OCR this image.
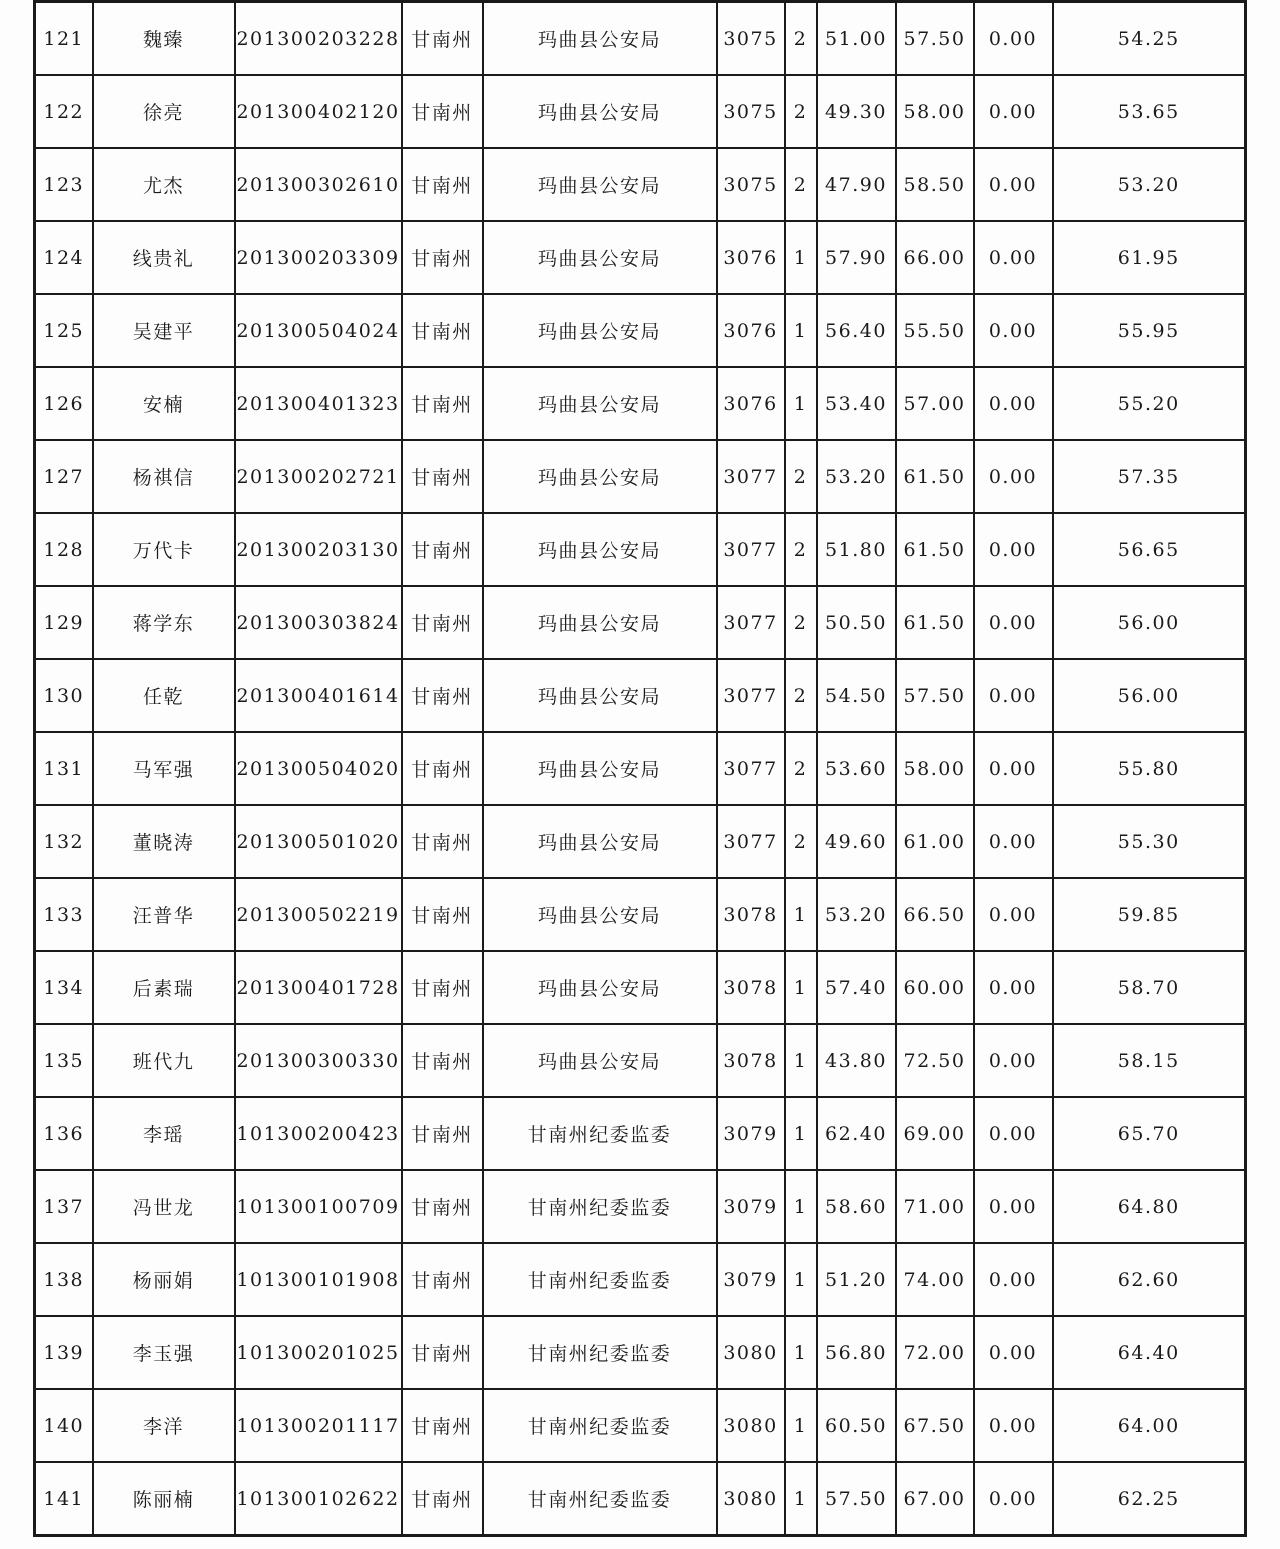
121	魏臻	201300203228	甘南州	玛曲县公安局	3075	2	51.00	57.50	0.00	54.25
122	徐亮	201300402120	甘南州	玛曲县公安局	3075	2	49.30	58.00	0.00	53.65
123	尤杰	201300302610	甘南州	玛曲县公安局	3075	2	47.90	58.50	0.00	53.20
124	线贵礼	201300203309	甘南州	玛曲县公安局	3076	1	57.90	66.00	0.00	61.95
125	吴建平	201300504024	甘南州	玛曲县公安局	3076	1	56.40	55.50	0.00	55.95
126	安楠	201300401323	甘南州	玛曲县公安局	3076	1	53.40	57.00	0.00	55.20
127	杨祺信	201300202721	甘南州	玛曲县公安局	3077	2	53.20	61.50	0.00	57.35
128	万代卡	201300203130	甘南州	玛曲县公安局	3077	2	51.80	61.50	0.00	56.65
129	蒋学东	201300303824	甘南州	玛曲县公安局	3077	2	50.50	61.50	0.00	56.00
130	任乾	201300401614	甘南州	玛曲县公安局	3077	2	54.50	57.50	0.00	56.00
131	马军强	201300504020	甘南州	玛曲县公安局	3077	2	53.60	58.00	0.00	55.80
132	董晓涛	201300501020	甘南州	玛曲县公安局	3077	2	49.60	61.00	0.00	55.30
133	汪普华	201300502219	甘南州	玛曲县公安局	3078	1	53.20	66.50	0.00	59.85
134	后素瑞	201300401728	甘南州	玛曲县公安局	3078	1	57.40	60.00	0.00	58.70
135	班代九	201300300330	甘南州	玛曲县公安局	3078	1	43.80	72.50	0.00	58.15
136	李瑶	101300200423	甘南州	甘南州纪委监委	3079	1	62.40	69.00	0.00	65.70
137	冯世龙	101300100709	甘南州	甘南州纪委监委	3079	1	58.60	71.00	0.00	64.80
138	杨丽娟	101300101908	甘南州	甘南州纪委监委	3079	1	51.20	74.00	0.00	62.60
139	李玉强	101300201025	甘南州	甘南州纪委监委	3080	1	56.80	72.00	0.00	64.40
140	李洋	101300201117	甘南州	甘南州纪委监委	3080	1	60.50	67.50	0.00	64.00
141	陈丽楠	101300102622	甘南州	甘南州纪委监委	3080	1	57.50	67.00	0.00	62.25
